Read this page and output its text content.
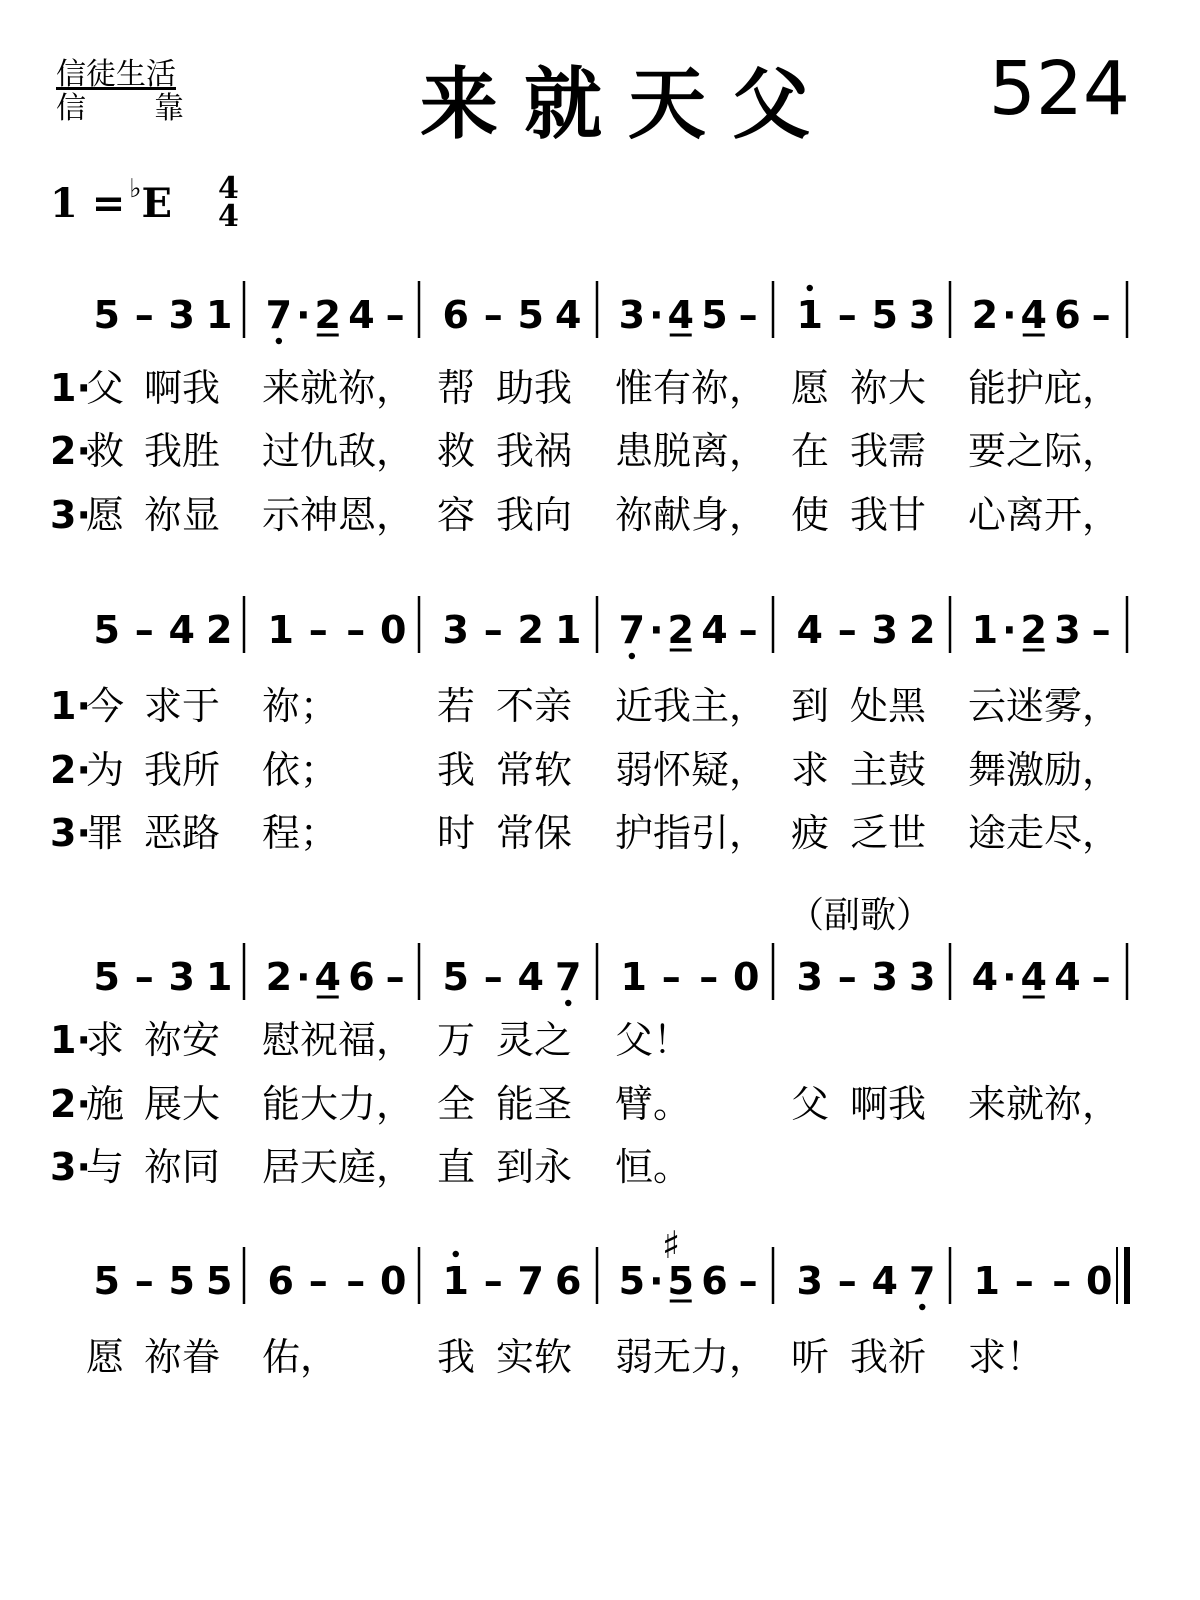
信徒生活
信 靠	来就天父 524
1 = ♭ E 4
4
5 – 3 1 7 · 2 4 – 6 – 5 4 3 · 4 5 – 1 – 5 3 2 · 4 6 –
1·
父 啊我 来就祢， 帮 助我 惟有祢， 愿 祢大 能护庇，
2·
救 我胜 过仇敌， 救 我祸 患脱离， 在 我需 要之际，
3·
愿 祢显 示神恩， 容 我向 祢献身， 使 我甘 心离开，
5 – 4 2 1 – – 0 3 – 2 1 7 · 2 4 – 4 – 3 2 1 · 2 3 –
1·
今 求于 祢；	若 不亲 近我主， 到 处黑 云迷雾，
2·
为 我所 依；	我 常软 弱怀疑， 求 主鼓 舞激励，
3·
罪 恶路 程；	时 常保 护指引， 疲 乏世 途走尽，
5 – 3 1 2 · 4 6 – 5 – 4 7 1 – – 0 3 – 3 3 4 · 4 4 –
（副歌）
1·
求 祢安 慰祝福， 万 灵之 父！
2·
施 展大 能大力， 全 能圣 臂。	父 啊我 来就祢，
3·
与 祢同 居天庭， 直 到永 恒。
5 – 5 5 6 – – 0 1 – 7 6 5 ·
♯
5 6 – 3 – 4 7 1 – – 0
愿 祢眷 佑，	我 实软 弱无力， 听 我祈 求！
